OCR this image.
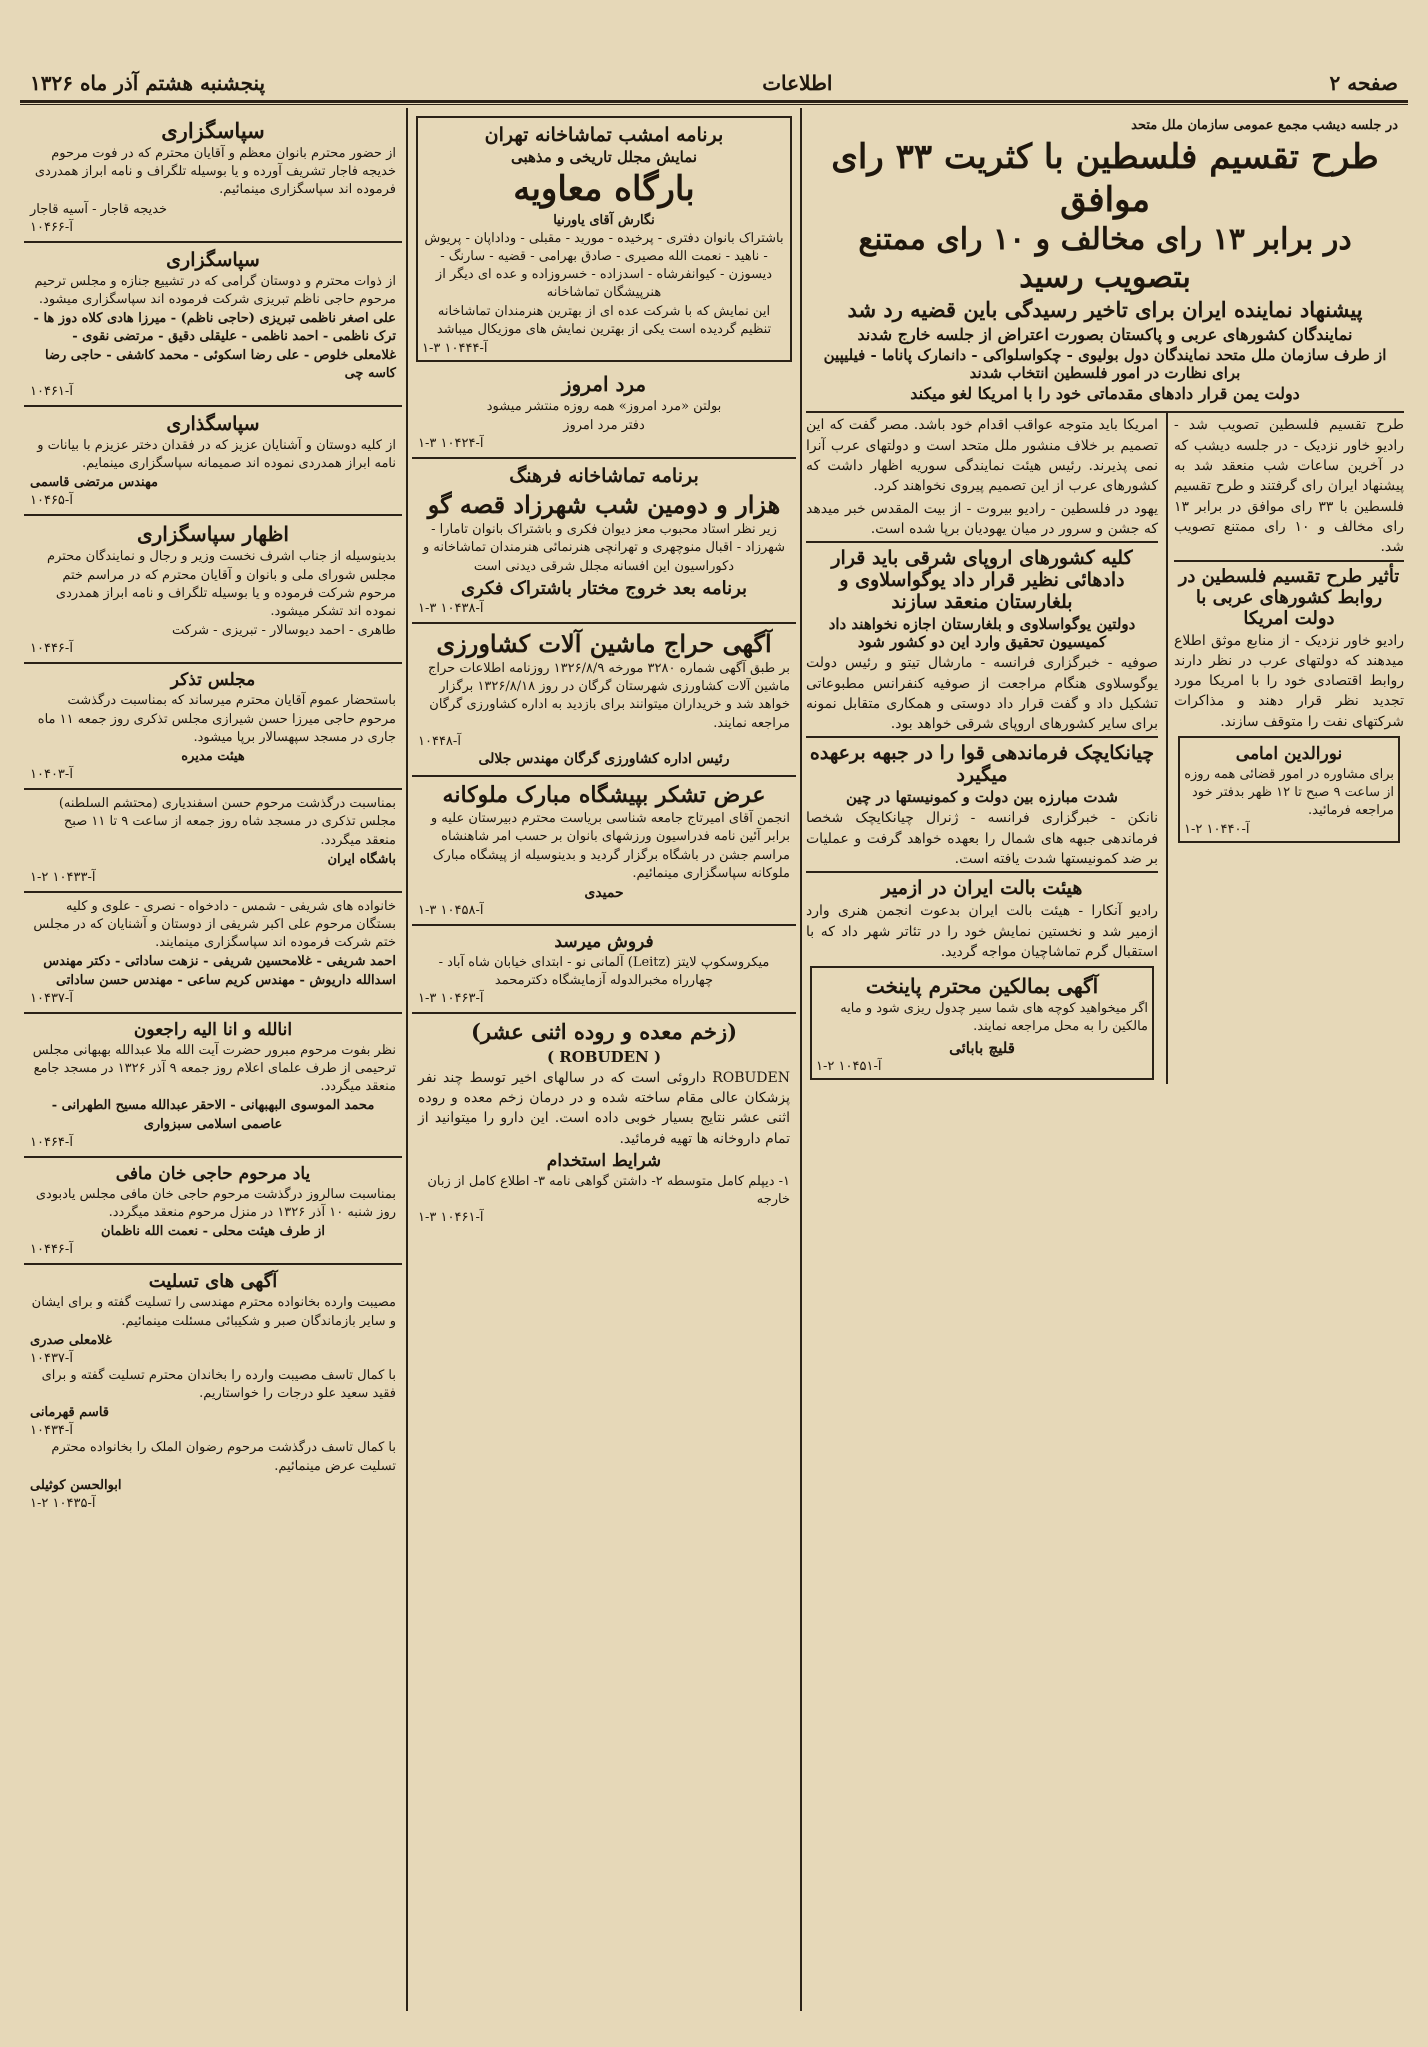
صفحه ۲
اطلاعات
پنجشنبه هشتم آذر ماه ۱۳۲۶
در جلسه دیشب مجمع عمومی سازمان ملل متحد
طرح تقسیم فلسطین با کثریت ۳۳ رای موافق
در برابر ۱۳ رای مخالف و ۱۰ رای ممتنع بتصویب رسید
پیشنهاد نماینده ایران برای تاخیر رسیدگی باین قضیه رد شد
نمایندگان کشورهای عربی و پاکستان بصورت اعتراض از جلسه خارج شدند
از طرف سازمان ملل متحد نمایندگان دول بولیوی - چکواسلواکی - دانمارک پاناما - فیلیپین برای نظارت در امور فلسطین انتخاب شدند
دولت یمن قرار دادهای مقدماتی خود را با امریکا لغو میکند

طرح تقسیم فلسطین تصویب شد - رادیو خاور نزدیک - در جلسه دیشب که در آخرین ساعات شب منعقد شد به پیشنهاد ایران رای گرفتند و طرح تقسیم فلسطین با ۳۳ رای موافق در برابر ۱۳ رای مخالف و ۱۰ رای ممتنع تصویب شد.

تأثیر طرح تقسیم فلسطین در روابط کشورهای عربی با دولت امریکا

رادیو خاور نزدیک - از منابع موثق اطلاع میدهند که دولتهای عرب در نظر دارند روابط اقتصادی خود را با امریکا مورد تجدید نظر قرار دهند و مذاکرات شرکتهای نفت را متوقف سازند.

نورالدین امامی

برای مشاوره در امور قضائی همه روزه از ساعت ۹ صبح تا ۱۲ ظهر بدفتر خود مراجعه فرمائید.

آ-۱۰۴۴۰ ۲-۱

امریکا باید متوجه عواقب اقدام خود باشد. مصر گفت که این تصمیم بر خلاف منشور ملل متحد است و دولتهای عرب آنرا نمی پذیرند. رئیس هیئت نمایندگی سوریه اظهار داشت که کشورهای عرب از این تصمیم پیروی نخواهند کرد.

یهود در فلسطین - رادیو بیروت - از بیت المقدس خبر میدهد که جشن و سرور در میان یهودیان برپا شده است.

کلیه کشورهای اروپای شرقی باید قرار دادهائی نظیر قرار داد یوگواسلاوی و بلغارستان منعقد سازند
دولتین یوگواسلاوی و بلغارستان اجازه نخواهند داد کمیسیون تحقیق وارد این دو کشور شود

صوفیه - خبرگزاری فرانسه - مارشال تیتو و رئیس دولت یوگوسلاوی هنگام مراجعت از صوفیه کنفرانس مطبوعاتی تشکیل داد و گفت قرار داد دوستی و همکاری متقابل نمونه برای سایر کشورهای اروپای شرقی خواهد بود.

چیانکایچک فرماندهی قوا را در جبهه برعهده میگیرد
شدت مبارزه بین دولت و کمونیستها در چین

نانکن - خبرگزاری فرانسه - ژنرال چیانکایچک شخصا فرماندهی جبهه های شمال را بعهده خواهد گرفت و عملیات بر ضد کمونیستها شدت یافته است.

هیئت بالت ایران در ازمیر

رادیو آنکارا - هیئت بالت ایران بدعوت انجمن هنری وارد ازمیر شد و نخستین نمایش خود را در تئاتر شهر داد که با استقبال گرم تماشاچیان مواجه گردید.

آگهی بمالکین محترم پاینخت

اگر میخواهید کوچه های شما سیر چدول ریزی شود و مایه مالکین را به محل مراجعه نمایند.

قلیچ بابائی
آ-۱۰۴۵۱ ۲-۱
برنامه امشب تماشاخانه تهران
نمایش مجلل تاریخی و مذهبی
بارگاه معاویه
نگارش آقای یاورنیا

باشتراک بانوان دفتری - پرخیده - مورید - مقبلی - وداداپان - پریوش - ناهید - نعمت الله مصیری - صادق بهرامی - قضیه - سارنگ - دیسوزن - کیوانفرشاه - اسدزاده - خسروزاده و عده ای دیگر از هنرپیشگان تماشاخانه

این نمایش که با شرکت عده ای از بهترین هنرمندان تماشاخانه تنظیم گردیده است یکی از بهترین نمایش های موزیکال میباشد

آ-۱۰۴۴۴ ۳-۱
مرد امروز

بولتن «مرد امروز» همه روزه منتشر میشود

دفتر مرد امروز
آ-۱۰۴۲۴ ۳-۱
برنامه تماشاخانه فرهنگ
هزار و دومین شب شهرزاد قصه گو

زیر نظر استاد محبوب معز دیوان فکری و باشتراک بانوان تامارا - شهرزاد - اقبال منوچهری و تهرانچی هنرنمائی هنرمندان تماشاخانه و دکوراسیون این افسانه مجلل شرقی دیدنی است

برنامه بعد خروج مختار باشتراک فکری
آ-۱۰۴۳۸ ۳-۱
آگهی حراج ماشین آلات کشاورزی

بر طبق آگهی شماره ۳۲۸۰ مورخه ۱۳۲۶/۸/۹ روزنامه اطلاعات حراج ماشین آلات کشاورزی شهرستان گرگان در روز ۱۳۲۶/۸/۱۸ برگزار خواهد شد و خریداران میتوانند برای بازدید به اداره کشاورزی گرگان مراجعه نمایند.

آ-۱۰۴۴۸
رئیس اداره کشاورزی گرگان مهندس جلالی
عرض تشکر بپیشگاه مبارک ملوکانه

انجمن آقای امیرتاج جامعه شناسی بریاست محترم دبیرستان علیه و برابر آئین نامه فدراسیون ورزشهای بانوان بر حسب امر شاهنشاه مراسم جشن در باشگاه برگزار گردید و بدینوسیله از پیشگاه مبارک ملوکانه سپاسگزاری مینمائیم.

حمیدی
آ-۱۰۴۵۸ ۳-۱
فروش میرسد

میکروسکوپ لایتز (Leitz) آلمانی نو - ابتدای خیابان شاه آباد - چهارراه مخبرالدوله آزمایشگاه دکترمحمد

آ-۱۰۴۶۳ ۳-۱
(زخم معده و روده اثنی عشر)
( ROBUDEN )

ROBUDEN داروئی است که در سالهای اخیر توسط چند نفر پزشکان عالی مقام ساخته شده و در درمان زخم معده و روده اثنی عشر نتایج بسیار خوبی داده است. این دارو را میتوانید از تمام داروخانه ها تهیه فرمائید.

شرایط استخدام

۱- دیپلم کامل متوسطه ۲- داشتن گواهی نامه ۳- اطلاع کامل از زبان خارجه

آ-۱۰۴۶۱ ۳-۱
سپاسگزاری

از حضور محترم بانوان معظم و آقایان محترم که در فوت مرحوم خدیجه فاجار تشریف آورده و یا بوسیله تلگراف و نامه ابراز همدردی فرموده اند سپاسگزاری مینمائیم.

خدیجه قاجار - آسیه قاجار
آ-۱۰۴۶۶
سپاسگزاری

از ذوات محترم و دوستان گرامی که در تشییع جنازه و مجلس ترحیم مرحوم حاجی ناظم تبریزی شرکت فرموده اند سپاسگزاری میشود.

علی اصغر ناظمی تبریزی (حاجی ناظم) - میرزا هادی کلاه دوز ها - ترک ناظمی - احمد ناظمی - علیقلی دقیق - مرتضی نقوی - غلامعلی خلوص - علی رضا اسکوئی - محمد کاشفی - حاجی رضا کاسه چی

آ-۱۰۴۶۱
سپاسگذاری

از کلیه دوستان و آشنایان عزیز که در فقدان دختر عزیزم با بیانات و نامه ابراز همدردی نموده اند صمیمانه سپاسگزاری مینمایم.

مهندس مرتضی قاسمی
آ-۱۰۴۶۵
اظهار سپاسگزاری

بدینوسیله از جناب اشرف نخست وزیر و رجال و نمایندگان محترم مجلس شورای ملی و بانوان و آقایان محترم که در مراسم ختم مرحوم شرکت فرموده و یا بوسیله تلگراف و نامه ابراز همدردی نموده اند تشکر میشود.

طاهری - احمد دیوسالار - تبریزی - شرکت

آ-۱۰۴۴۶
مجلس تذکر

باستحضار عموم آقایان محترم میرساند که بمناسبت درگذشت مرحوم حاجی میرزا حسن شیرازی مجلس تذکری روز جمعه ۱۱ ماه جاری در مسجد سپهسالار برپا میشود.

هیئت مدیره
آ-۱۰۴۰۳

بمناسبت درگذشت مرحوم حسن اسفندیاری (محتشم السلطنه) مجلس تذکری در مسجد شاه روز جمعه از ساعت ۹ تا ۱۱ صبح منعقد میگردد.

باشگاه ایران
آ-۱۰۴۳۳ ۲-۱

خانواده های شریفی - شمس - دادخواه - نصری - علوی و کلیه بستگان مرحوم علی اکبر شریفی از دوستان و آشنایان که در مجلس ختم شرکت فرموده اند سپاسگزاری مینمایند.

احمد شریفی - غلامحسین شریفی - نزهت ساداتی - دکتر مهندس اسدالله داریوش - مهندس کریم ساعی - مهندس حسن ساداتی

آ-۱۰۴۳۷
انالله و انا الیه راجعون

نظر بفوت مرحوم مبرور حضرت آیت الله ملا عبدالله بهبهانی مجلس ترحیمی از طرف علمای اعلام روز جمعه ۹ آذر ۱۳۲۶ در مسجد جامع منعقد میگردد.

محمد الموسوی البهبهانی - الاحقر عبدالله مسیح الطهرانی - عاصمی اسلامی سبزواری

آ-۱۰۴۶۴
یاد مرحوم حاجی خان مافی

بمناسبت سالروز درگذشت مرحوم حاجی خان مافی مجلس یادبودی روز شنبه ۱۰ آذر ۱۳۲۶ در منزل مرحوم منعقد میگردد.

از طرف هیئت محلی - نعمت الله ناظمان
آ-۱۰۴۴۶
آگهی های تسلیت

مصیبت وارده بخانواده محترم مهندسی را تسلیت گفته و برای ایشان و سایر بازماندگان صبر و شکیبائی مسئلت مینمائیم.

غلامعلی صدری
آ-۱۰۴۳۷

با کمال تاسف مصیبت وارده را بخاندان محترم تسلیت گفته و برای فقید سعید علو درجات را خواستاریم.

قاسم قهرمانی
آ-۱۰۴۳۴

با کمال تاسف درگذشت مرحوم رضوان الملک را بخانواده محترم تسلیت عرض مینمائیم.

ابوالحسن کوثیلی
آ-۱۰۴۳۵ ۲-۱
